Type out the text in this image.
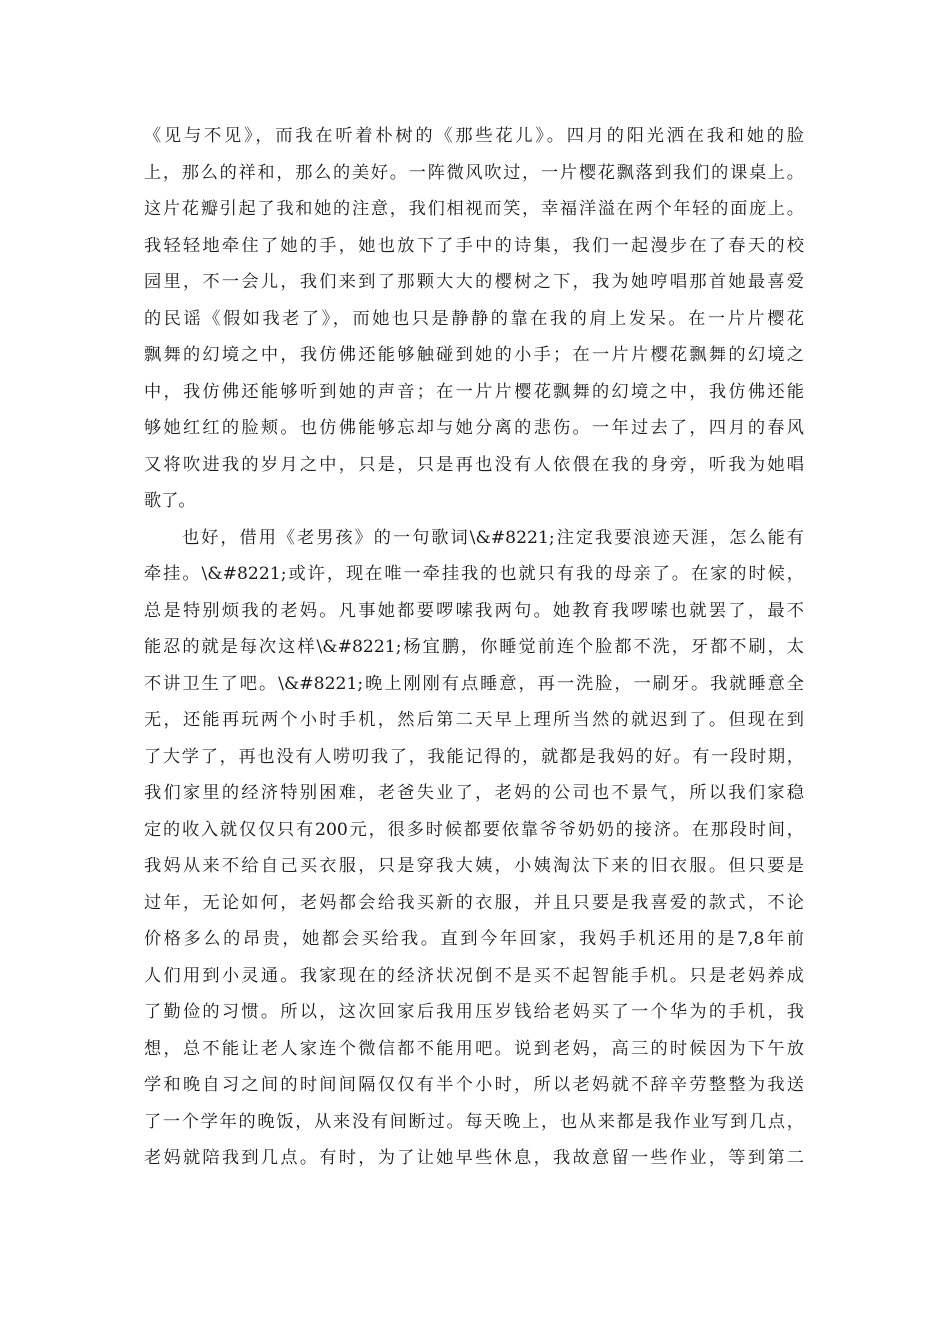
《见与不见》，而我在听着朴树的《那些花儿》。四月的阳光洒在我和她的脸
上，那么的祥和，那么的美好。一阵微风吹过，一片樱花飘落到我们的课桌上。
这片花瓣引起了我和她的注意，我们相视而笑，幸福洋溢在两个年轻的面庞上。
我轻轻地牵住了她的手，她也放下了手中的诗集，我们一起漫步在了春天的校
园里，不一会儿，我们来到了那颗大大的樱树之下，我为她哼唱那首她最喜爱
的民谣《假如我老了》，而她也只是静静的靠在我的肩上发呆。在一片片樱花
飘舞的幻境之中，我仿佛还能够触碰到她的小手；在一片片樱花飘舞的幻境之
中，我仿佛还能够听到她的声音；在一片片樱花飘舞的幻境之中，我仿佛还能
够她红红的脸颊。也仿佛能够忘却与她分离的悲伤。一年过去了，四月的春风
又将吹进我的岁月之中，只是，只是再也没有人依偎在我的身旁，听我为她唱
歌了。
也好，借用《老男孩》的一句歌词\&#8221;注定我要浪迹天涯，怎么能有
牵挂。\&#8221;或许，现在唯一牵挂我的也就只有我的母亲了。在家的时候，
总是特别烦我的老妈。凡事她都要啰嗦我两句。她教育我啰嗦也就罢了，最不
能忍的就是每次这样\&#8221;杨宜鹏，你睡觉前连个脸都不洗，牙都不刷，太
不讲卫生了吧。\&#8221;晚上刚刚有点睡意，再一洗脸，一刷牙。我就睡意全
无，还能再玩两个小时手机，然后第二天早上理所当然的就迟到了。但现在到
了大学了，再也没有人唠叨我了，我能记得的，就都是我妈的好。有一段时期，
我们家里的经济特别困难，老爸失业了，老妈的公司也不景气，所以我们家稳
定的收入就仅仅只有200元，很多时候都要依靠爷爷奶奶的接济。在那段时间，
我妈从来不给自己买衣服，只是穿我大姨，小姨淘汰下来的旧衣服。但只要是
过年，无论如何，老妈都会给我买新的衣服，并且只要是我喜爱的款式，不论
价格多么的昂贵，她都会买给我。直到今年回家，我妈手机还用的是7,8年前
人们用到小灵通。我家现在的经济状况倒不是买不起智能手机。只是老妈养成
了勤俭的习惯。所以，这次回家后我用压岁钱给老妈买了一个华为的手机，我
想，总不能让老人家连个微信都不能用吧。说到老妈，高三的时候因为下午放
学和晚自习之间的时间间隔仅仅有半个小时，所以老妈就不辞辛劳整整为我送
了一个学年的晚饭，从来没有间断过。每天晚上，也从来都是我作业写到几点，
老妈就陪我到几点。有时，为了让她早些休息，我故意留一些作业，等到第二
